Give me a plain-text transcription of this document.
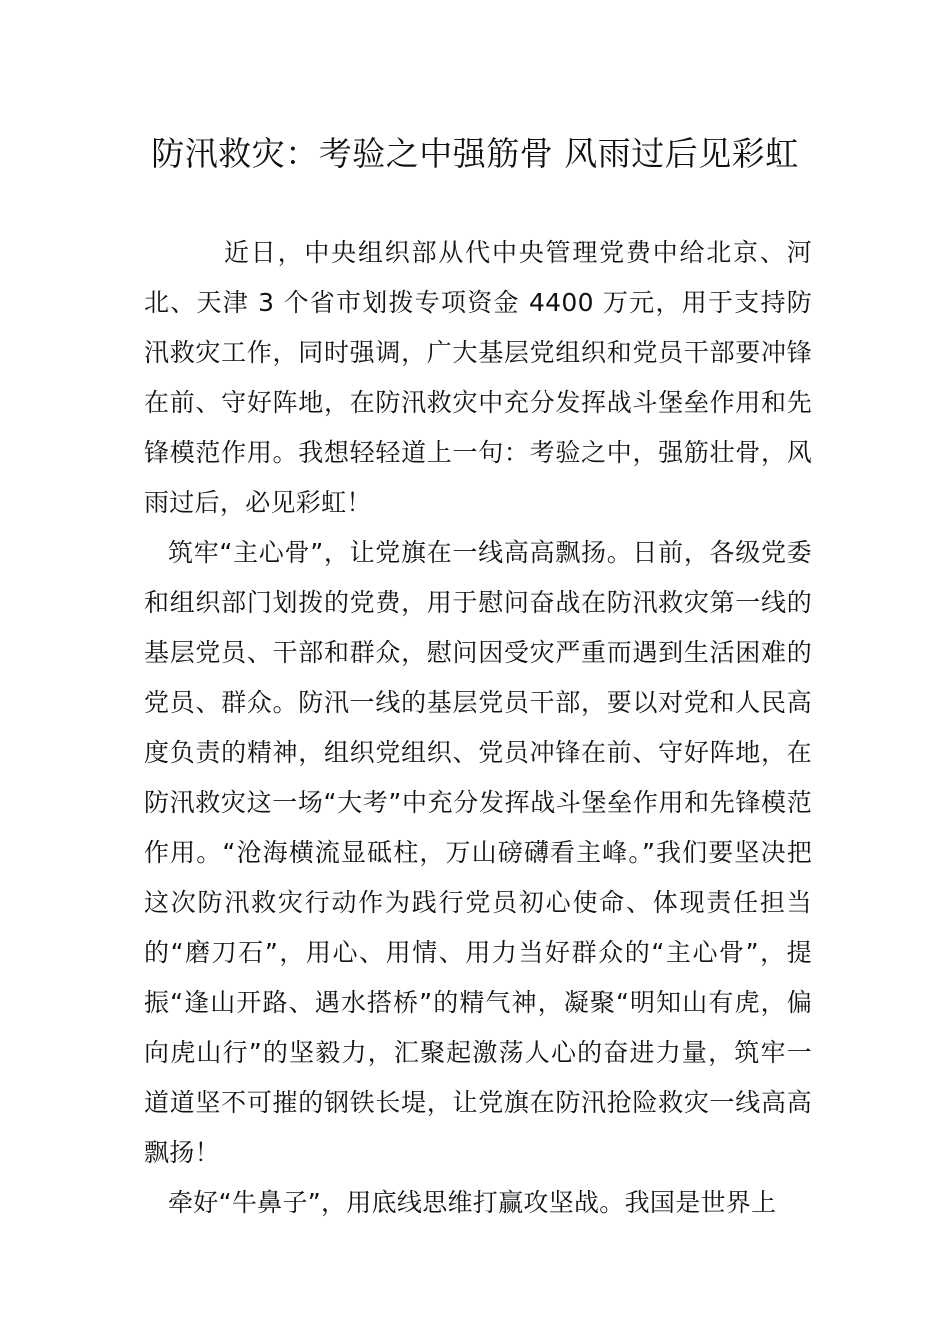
防汛救灾：考验之中强筋骨 风雨过后见彩虹

近日，中央组织部从代中央管理党费中给北京、河北、天津 3 个省市划拨专项资金 4400 万元，用于支持防汛救灾工作，同时强调，广大基层党组织和党员干部要冲锋在前、守好阵地，在防汛救灾中充分发挥战斗堡垒作用和先锋模范作用。我想轻轻道上一句：考验之中，强筋壮骨，风雨过后，必见彩虹！

筑牢“主心骨”，让党旗在一线高高飘扬。日前，各级党委和组织部门划拨的党费，用于慰问奋战在防汛救灾第一线的基层党员、干部和群众，慰问因受灾严重而遇到生活困难的党员、群众。防汛一线的基层党员干部，要以对党和人民高度负责的精神，组织党组织、党员冲锋在前、守好阵地，在防汛救灾这一场“大考”中充分发挥战斗堡垒作用和先锋模范作用。“沧海横流显砥柱，万山磅礴看主峰。”我们要坚决把这次防汛救灾行动作为践行党员初心使命、体现责任担当的“磨刀石”，用心、用情、用力当好群众的“主心骨”，提振“逢山开路、遇水搭桥”的精气神，凝聚“明知山有虎，偏向虎山行”的坚毅力，汇聚起激荡人心的奋进力量，筑牢一道道坚不可摧的钢铁长堤，让党旗在防汛抢险救灾一线高高飘扬！

牵好“牛鼻子”，用底线思维打赢攻坚战。我国是世界上
